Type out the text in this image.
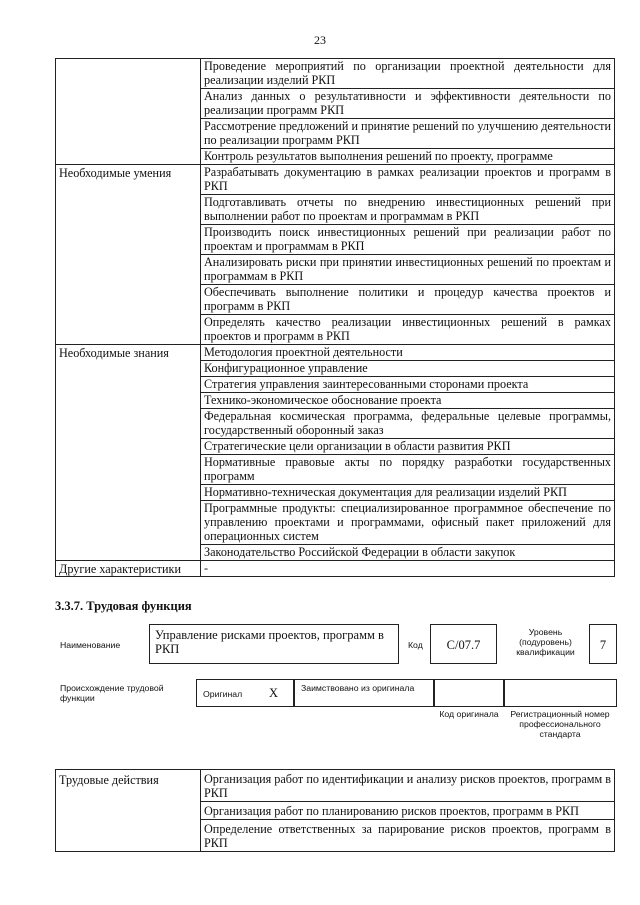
23
	Проведение мероприятий по организации проектной деятельности для реализации изделий РКП
	Анализ данных о результативности и эффективности деятельности по реализации программ РКП
	Рассмотрение предложений и принятие решений по улучшению деятельности по реализации программ РКП
	Контроль результатов выполнения решений по проекту, программе
Необходимые умения	Разрабатывать документацию в рамках реализации проектов и программ в РКП
	Подготавливать отчеты по внедрению инвестиционных решений при выполнении работ по проектам и программам в РКП
	Производить поиск инвестиционных решений при реализации работ по проектам и программам в РКП
	Анализировать риски при принятии инвестиционных решений по проектам и программам в РКП
	Обеспечивать выполнение политики и процедур качества проектов и программ в РКП
	Определять качество реализации инвестиционных решений в рамках проектов и программ в РКП
Необходимые знания	Методология проектной деятельности
	Конфигурационное управление
	Стратегия управления заинтересованными сторонами проекта
	Технико-экономическое обоснование проекта
	Федеральная космическая программа, федеральные целевые программы, государственный оборонный заказ
	Стратегические цели организации в области развития РКП
	Нормативные правовые акты по порядку разработки государственных программ
	Нормативно-техническая документация для реализации изделий РКП
	Программные продукты: специализированное программное обеспечение по управлению проектами и программами, офисный пакет приложений для операционных систем
	Законодательство Российской Федерации в области закупок
Другие характеристики	-
3.3.7. Трудовая функция
Наименование
Управление рисками проектов, программ в РКП	Код	C/07.7
Уровень (подуровень) квалификации	7
Происхождение трудовой функции	Оригинал X	Заимствовано из оригинала
Код оригинала	Регистрационный номер профессионального стандарта
Трудовые действия	Организация работ по идентификации и анализу рисков проектов, программ в РКП
Организация работ по планированию рисков проектов, программ в РКП
Определение ответственных за парирование рисков проектов, программ в РКП
